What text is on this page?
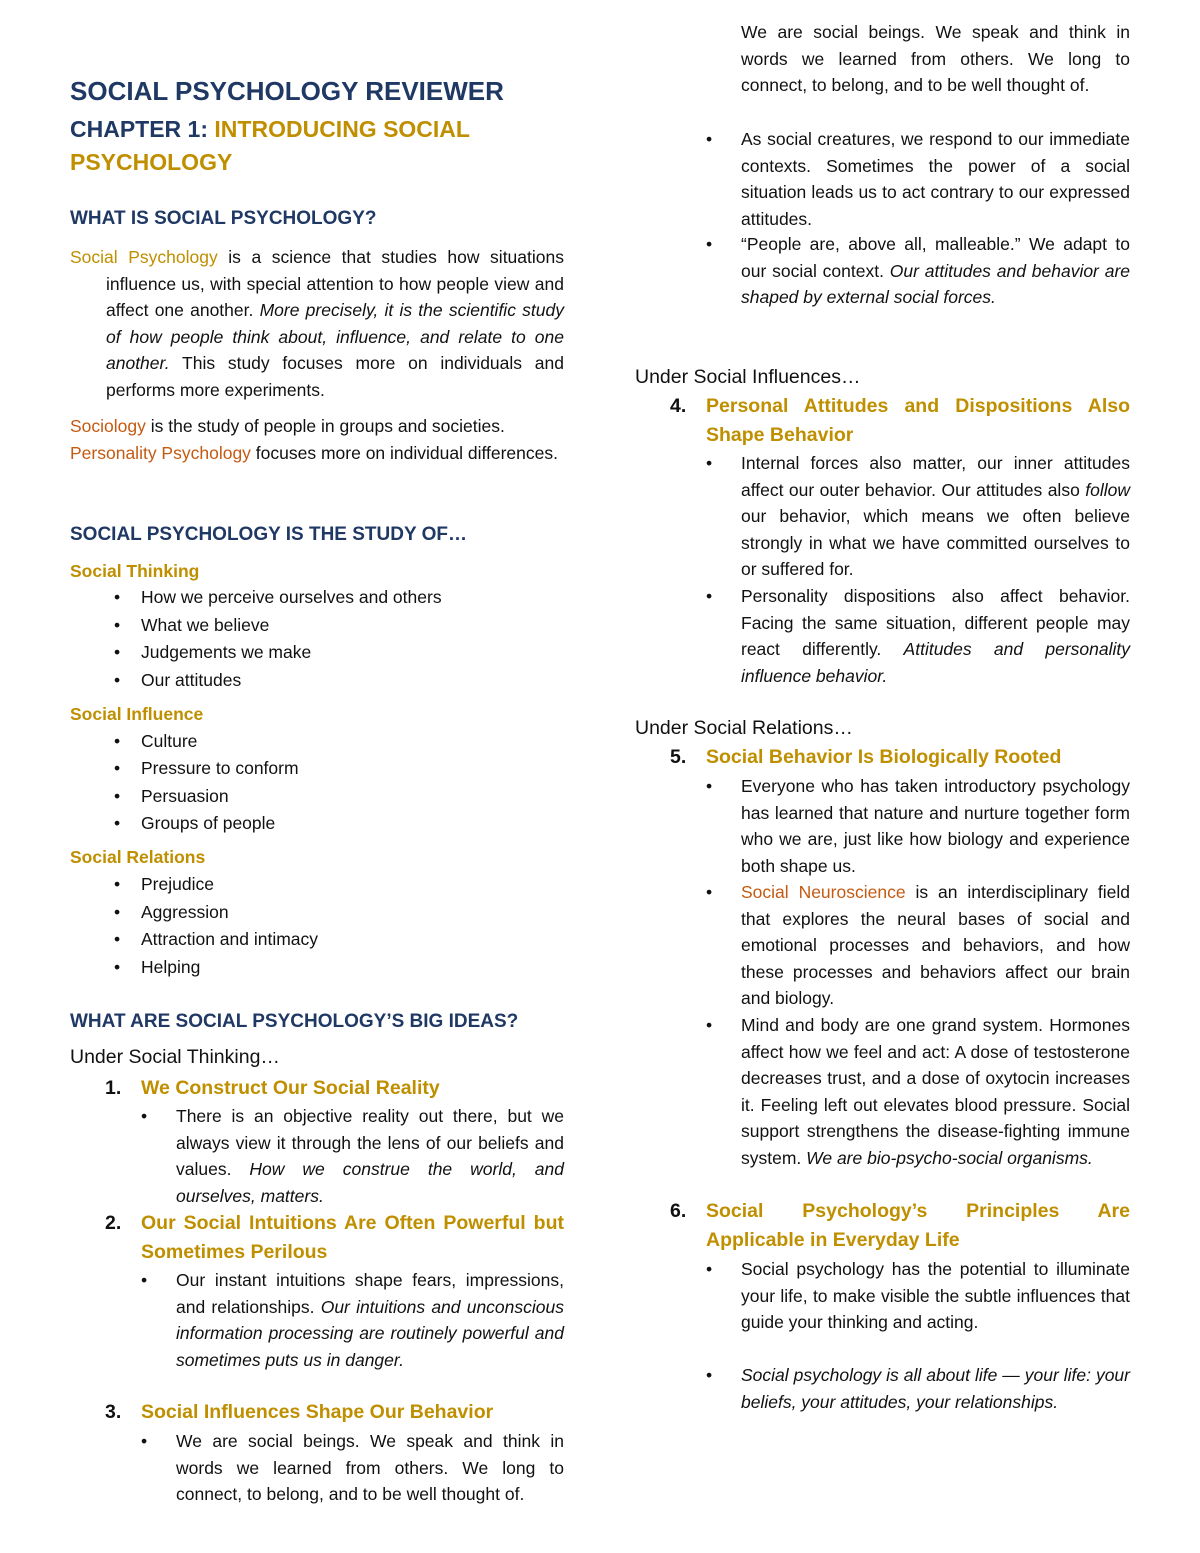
SOCIAL PSYCHOLOGY REVIEWER
CHAPTER 1: INTRODUCING SOCIAL
PSYCHOLOGY
WHAT IS SOCIAL PSYCHOLOGY?

Social Psychology is a science that studies how situations influence us, with special attention to how people view and affect one another. More precisely, it is the scientific study of how people think about, influence, and relate to one another. This study focuses more on individuals and performs more experiments.

Sociology is the study of people in groups and societies.

Personality Psychology focuses more on individual differences.

SOCIAL PSYCHOLOGY IS THE STUDY OF…
Social Thinking
•	How we perceive ourselves and others
•	What we believe
•	Judgements we make
•	Our attitudes
Social Influence
•	Culture
•	Pressure to conform
•	Persuasion
•	Groups of people
Social Relations
•	Prejudice
•	Aggression
•	Attraction and intimacy
•	Helping
WHAT ARE SOCIAL PSYCHOLOGY’S BIG IDEAS?
Under Social Thinking…
1.	We Construct Our Social Reality
•	There is an objective reality out there, but we always view it through the lens of our beliefs and values. How we construe the world, and ourselves, matters.
2.	Our Social Intuitions Are Often Powerful but Sometimes Perilous
•	Our instant intuitions shape fears, impressions, and relationships. Our intuitions and unconscious information processing are routinely powerful and sometimes puts us in danger.
3.	Social Influences Shape Our Behavior
•	We are social beings. We speak and think in words we learned from others. We long to connect, to belong, and to be well thought of.
We are social beings. We speak and think in words we learned from others. We long to connect, to belong, and to be well thought of.
•	As social creatures, we respond to our immediate contexts. Sometimes the power of a social situation leads us to act contrary to our expressed attitudes.
•	“People are, above all, malleable.” We adapt to our social context. Our attitudes and behavior are shaped by external social forces.
Under Social Influences…
4.	Personal Attitudes and Dispositions Also Shape Behavior
•	Internal forces also matter, our inner attitudes affect our outer behavior. Our attitudes also follow our behavior, which means we often believe strongly in what we have committed ourselves to or suffered for.
•	Personality dispositions also affect behavior. Facing the same situation, different people may react differently. Attitudes and personality influence behavior.
Under Social Relations…
5.	Social Behavior Is Biologically Rooted
•	Everyone who has taken introductory psychology has learned that nature and nurture together form who we are, just like how biology and experience both shape us.
•	Social Neuroscience is an interdisciplinary field that explores the neural bases of social and emotional processes and behaviors, and how these processes and behaviors affect our brain and biology.
•	Mind and body are one grand system. Hormones affect how we feel and act: A dose of testosterone decreases trust, and a dose of oxytocin increases it. Feeling left out elevates blood pressure. Social support strengthens the disease-fighting immune system. We are bio-psycho-social organisms.
6.	Social Psychology’s Principles Are Applicable in Everyday Life
•	Social psychology has the potential to illuminate your life, to make visible the subtle influences that guide your thinking and acting.
•	Social psychology is all about life — your life: your beliefs, your attitudes, your relationships.
